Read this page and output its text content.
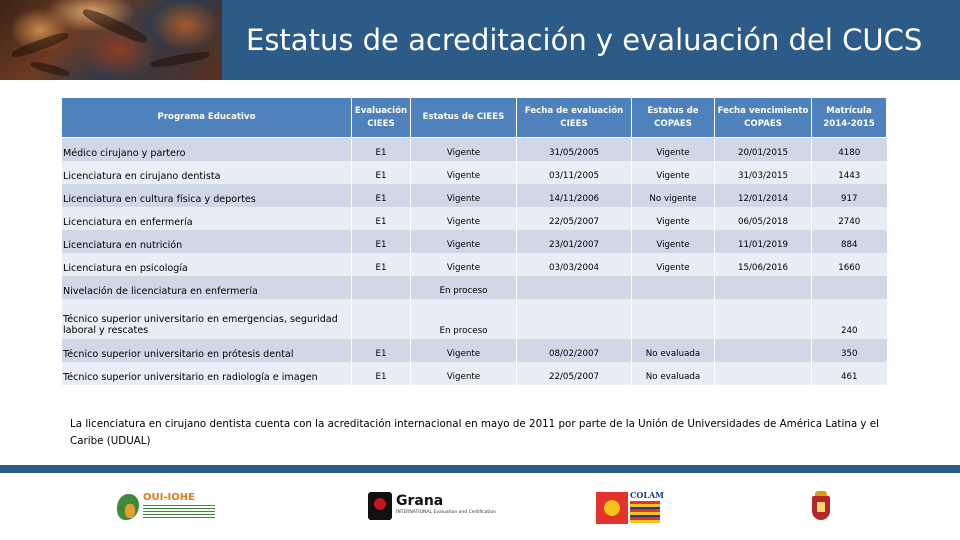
Estatus de acreditación y evaluación del CUCS
Programa Educativo	Evaluación CIEES	Estatus de CIEES	Fecha de evaluación CIEES	Estatus de COPAES	Fecha vencimiento COPAES	Matrícula 2014-2015
Médico cirujano y partero	E1	Vigente	31/05/2005	Vigente	20/01/2015	4180
Licenciatura en cirujano dentista	E1	Vigente	03/11/2005	Vigente	31/03/2015	1443
Licenciatura en cultura física y deportes	E1	Vigente	14/11/2006	No vigente	12/01/2014	917
Licenciatura en enfermería	E1	Vigente	22/05/2007	Vigente	06/05/2018	2740
Licenciatura en nutrición	E1	Vigente	23/01/2007	Vigente	11/01/2019	884
Licenciatura en psicología	E1	Vigente	03/03/2004	Vigente	15/06/2016	1660
Nivelación de licenciatura en enfermería		En proceso				
Técnico superior universitario en emergencias, seguridad laboral y rescates		En proceso				240
Técnico superior universitario en prótesis dental	E1	Vigente	08/02/2007	No evaluada		350
Técnico superior universitario en radiología e imagen	E1	Vigente	22/05/2007	No evaluada		461
La licenciatura en cirujano dentista cuenta con la acreditación internacional en mayo de 2011 por parte de la Unión de Universidades de América Latina y el Caribe (UDUAL)
OUI-IOHE	Grana
INTERNATIONAL Evaluation and Certification
COLAM
